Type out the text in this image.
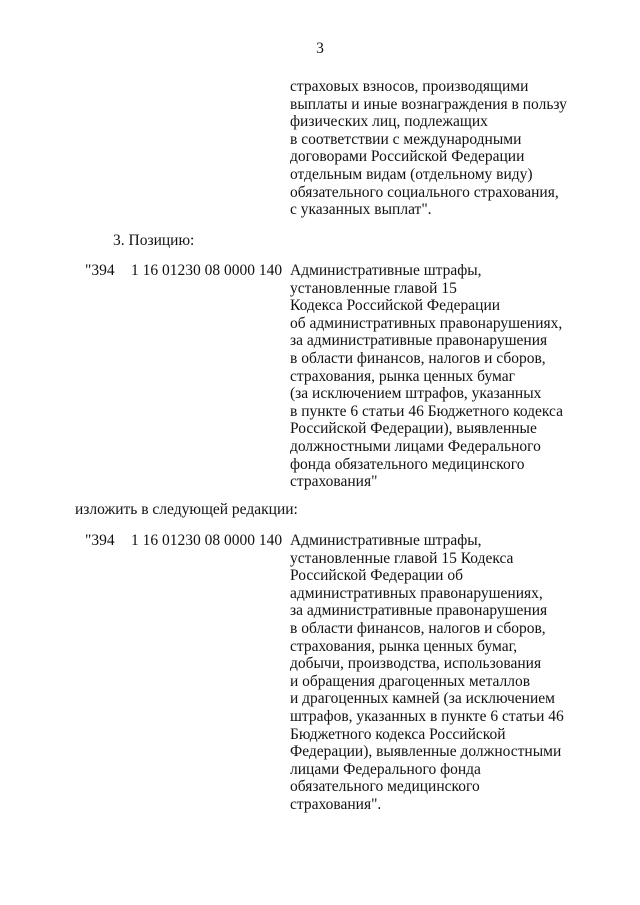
3
страховых взносов, производящими
выплаты и иные вознаграждения в пользу
физических лиц, подлежащих
в соответствии с международными
договорами Российской Федерации
отдельным видам (отдельному виду)
обязательного социального страхования,
с указанных выплат".
3. Позицию:
"394 1 16 01230 08 0000 140 Административные штрафы,
установленные главой 15
Кодекса Российской Федерации
об административных правонарушениях,
за административные правонарушения
в области финансов, налогов и сборов,
страхования, рынка ценных бумаг
(за исключением штрафов, указанных
в пункте 6 статьи 46 Бюджетного кодекса
Российской Федерации), выявленные
должностными лицами Федерального
фонда обязательного медицинского
страхования"
изложить в следующей редакции:
"394 1 16 01230 08 0000 140 Административные штрафы,
установленные главой 15 Кодекса
Российской Федерации об
административных правонарушениях,
за административные правонарушения
в области финансов, налогов и сборов,
страхования, рынка ценных бумаг,
добычи, производства, использования
и обращения драгоценных металлов
и драгоценных камней (за исключением
штрафов, указанных в пункте 6 статьи 46
Бюджетного кодекса Российской
Федерации), выявленные должностными
лицами Федерального фонда
обязательного медицинского
страхования".
